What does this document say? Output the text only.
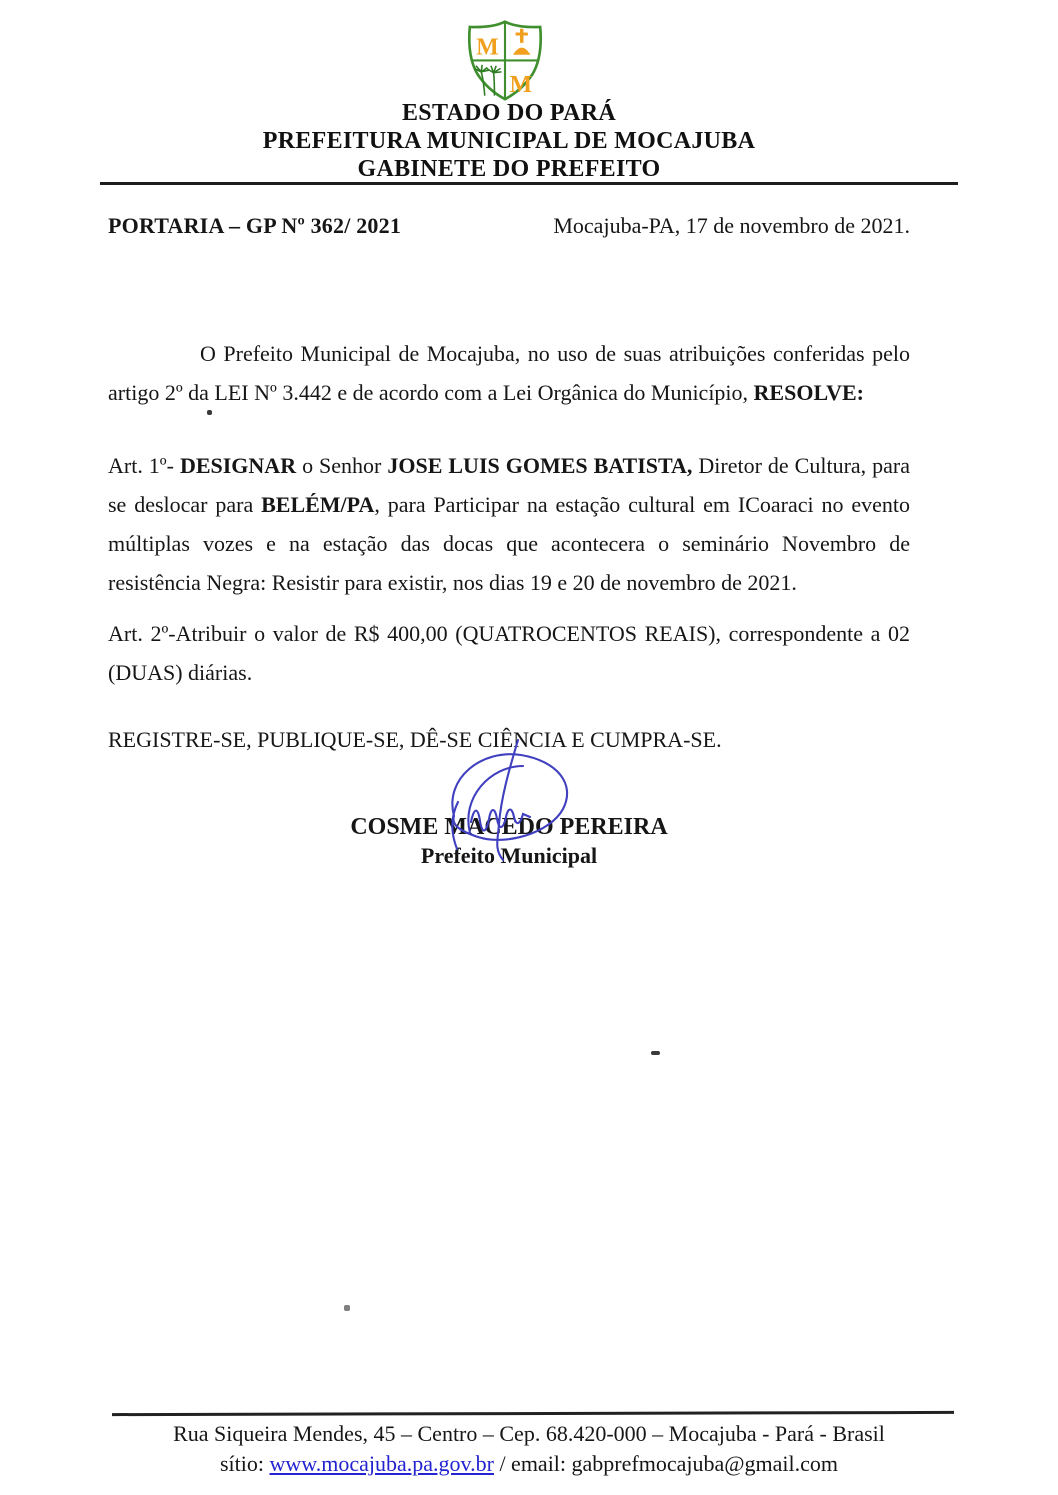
M
M
ESTADO DO PARÁ
PREFEITURA MUNICIPAL DE MOCAJUBA
GABINETE DO PREFEITO
PORTARIA – GP Nº 362/ 2021	Mocajuba-PA, 17 de novembro de 2021.

O Prefeito Municipal de Mocajuba, no uso de suas atribuições conferidas pelo artigo 2º da LEI Nº 3.442 e de acordo com a Lei Orgânica do Município, RESOLVE:

Art. 1º- DESIGNAR o Senhor JOSE LUIS GOMES BATISTA, Diretor de Cultura, para se deslocar para BELÉM/PA, para Participar na estação cultural em ICoaraci no evento múltiplas vozes e na estação das docas que acontecera o seminário Novembro de resistência Negra: Resistir para existir, nos dias 19 e 20 de novembro de 2021.

Art. 2º-Atribuir o valor de R$ 400,00 (QUATROCENTOS REAIS), correspondente a 02 (DUAS) diárias.

REGISTRE-SE, PUBLIQUE-SE, DÊ-SE CIÊNCIA E CUMPRA-SE.
COSME MACEDO PEREIRA
Prefeito Municipal
Rua Siqueira Mendes, 45 – Centro – Cep. 68.420-000 – Mocajuba - Pará - Brasil
sítio: www.mocajuba.pa.gov.br / email: gabprefmocajuba@gmail.com
